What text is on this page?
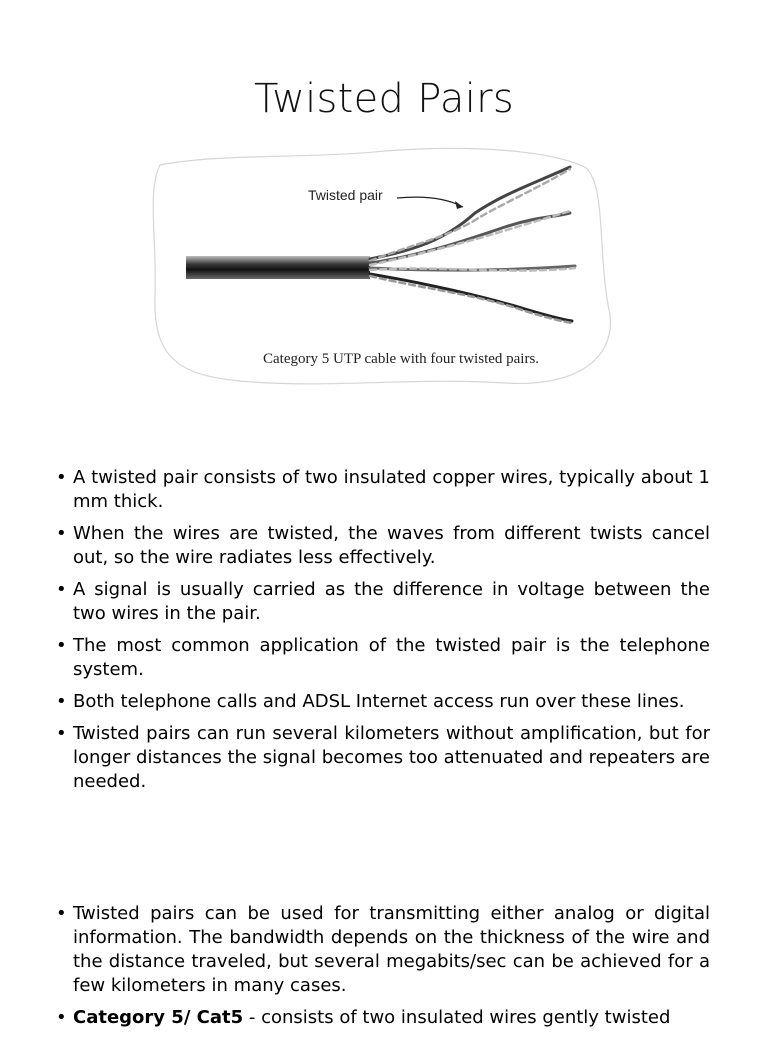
Twisted Pairs
Twisted pair
Category 5 UTP cable with four twisted pairs.
• A twisted pair consists of two insulated copper wires, typically about 1 mm thick.
• When the wires are twisted, the waves from different twists cancel out, so the wire radiates less effectively.
• A signal is usually carried as the difference in voltage between the two wires in the pair.
• The most common application of the twisted pair is the telephone system.
• Both telephone calls and ADSL Internet access run over these lines.
• Twisted pairs can run several kilometers without amplification, but for longer distances the signal becomes too attenuated and repeaters are needed.
• Twisted pairs can be used for transmitting either analog or digital information. The bandwidth depends on the thickness of the wire and the distance traveled, but several megabits/sec can be achieved for a few kilometers in many cases.
• Category 5/ Cat5 - consists of two insulated wires gently twisted
